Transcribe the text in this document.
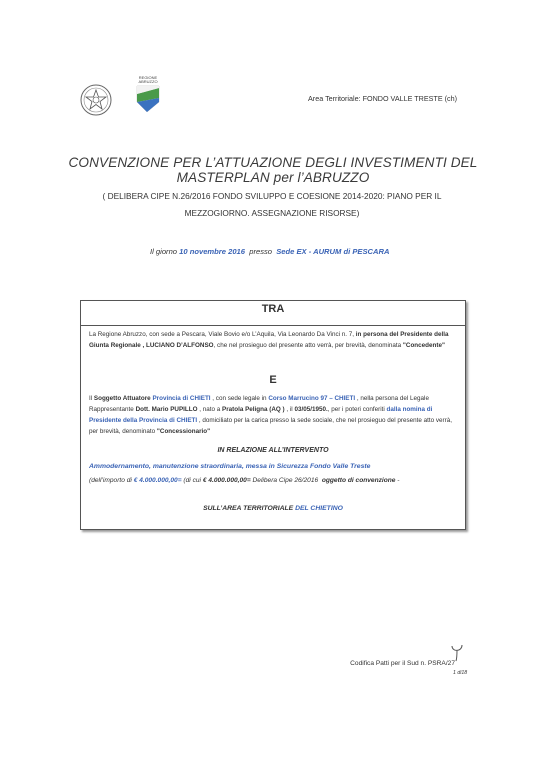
REGIONE ABRUZZO
Area Territoriale: FONDO VALLE TRESTE (ch)
CONVENZIONE PER L’ATTUAZIONE DEGLI INVESTIMENTI DEL
MASTERPLAN per l’ABRUZZO
( DELIBERA CIPE N.26/2016 FONDO SVILUPPO E COESIONE 2014-2020: PIANO PER IL
MEZZOGIORNO. ASSEGNAZIONE RISORSE)
Il giorno 10 novembre 2016  presso  Sede EX - AURUM di PESCARA
TRA
La Regione Abruzzo, con sede a Pescara, Viale Bovio e/o L’Aquila, Via Leonardo Da Vinci n. 7, in persona del Presidente della Giunta Regionale , LUCIANO D’ALFONSO, che nel prosieguo del presente atto verrà, per brevità, denominata "Concedente"
E
Il Soggetto Attuatore Provincia di CHIETI , con sede legale in Corso Marrucino 97 – CHIETI , nella persona del Legale Rappresentante Dott. Mario PUPILLO , nato a Pratola Peligna (AQ ) , il 03/05/1950., per i poteri conferiti dalla nomina di Presidente della Provincia di CHIETI , domiciliato per la carica presso la sede sociale, che nel prosieguo del presente atto verrà, per brevità, denominato "Concessionario"
IN RELAZIONE ALL’INTERVENTO
Ammodernamento, manutenzione straordinaria, messa in Sicurezza Fondo Valle Treste
(dell’importo di € 4.000.000,00= (di cui € 4.000.000,00= Delibera Cipe 26/2016  oggetto di convenzione -
SULL’AREA TERRITORIALE DEL CHIETINO
Codifica Patti per il Sud n. PSRA/27
1 di18
